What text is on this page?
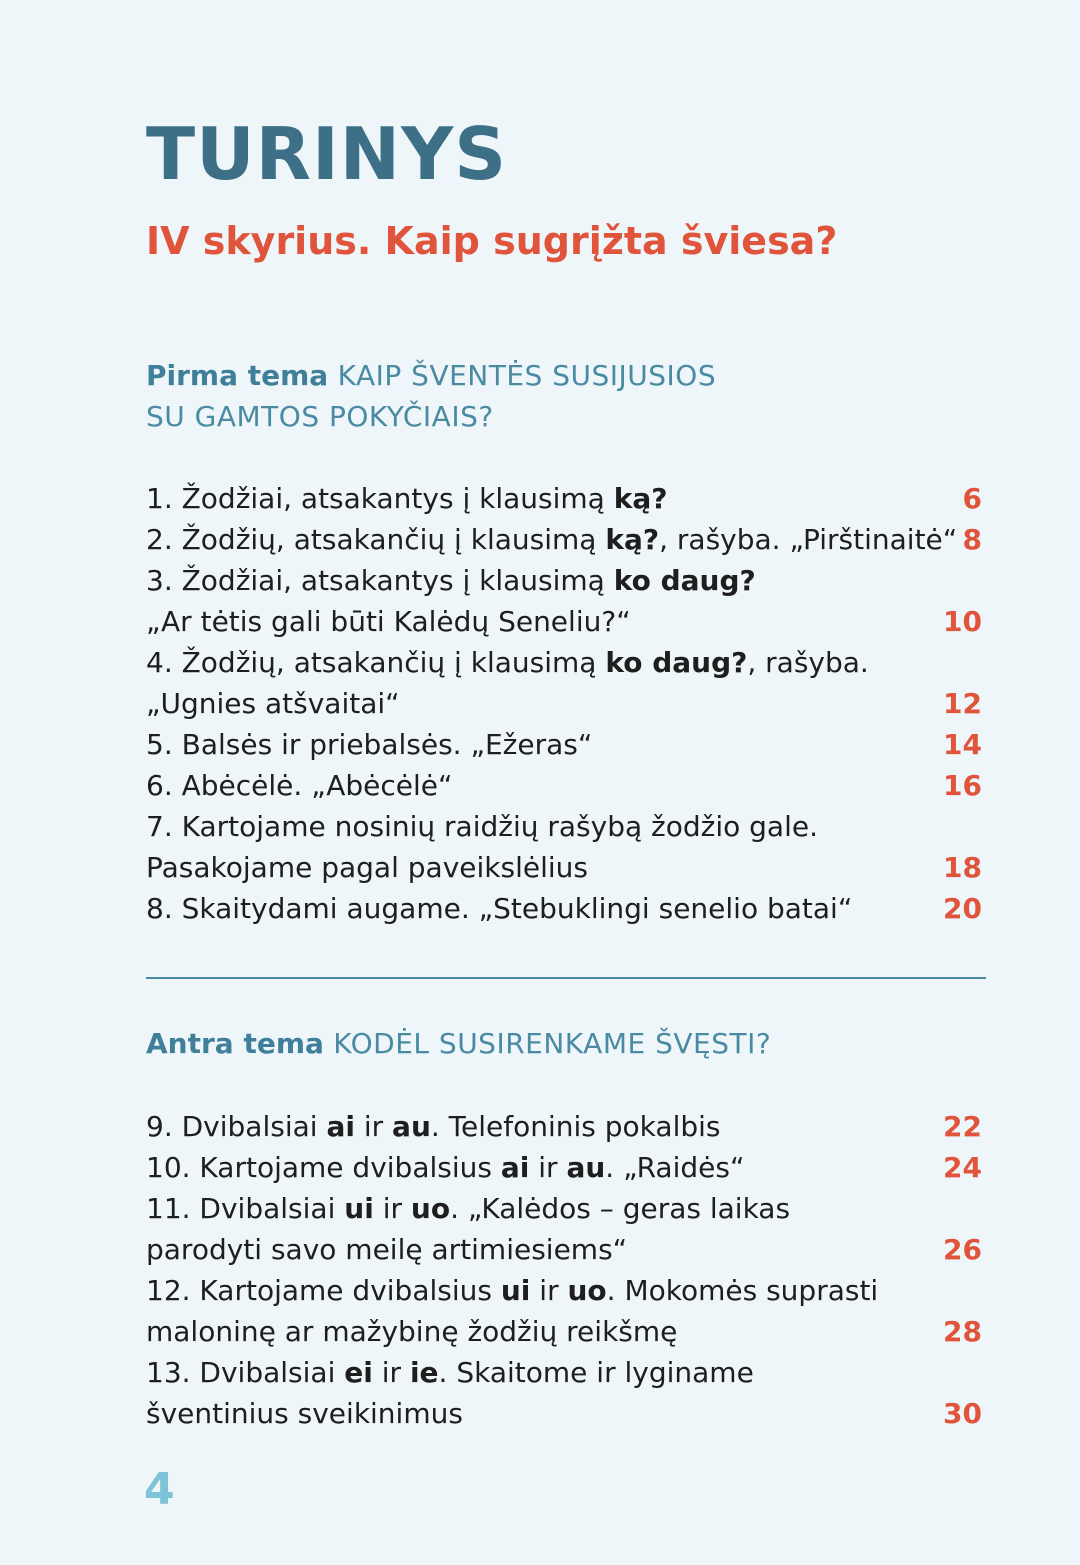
TURINYS
IV skyrius. Kaip sugrįžta šviesa?
Pirma tema KAIP ŠVENTĖS SUSIJUSIOS
SU GAMTOS POKYČIAIS?
1. Žodžiai, atsakantys į klausimą ką?	6
2. Žodžių, atsakančių į klausimą ką?, rašyba. „Pirštinaitė“ 8
3. Žodžiai, atsakantys į klausimą ko daug?
„Ar tėtis gali būti Kalėdų Seneliu?“	10
4. Žodžių, atsakančių į klausimą ko daug?, rašyba.
„Ugnies atšvaitai“	12
5. Balsės ir priebalsės. „Ežeras“	14
6. Abėcėlė. „Abėcėlė“	16
7. Kartojame nosinių raidžių rašybą žodžio gale.
Pasakojame pagal paveikslėlius	18
8. Skaitydami augame. „Stebuklingi senelio batai“	20
Antra tema KODĖL SUSIRENKAME ŠVĘSTI?
9. Dvibalsiai ai ir au. Telefoninis pokalbis	22
10. Kartojame dvibalsius ai ir au. „Raidės“	24
11. Dvibalsiai ui ir uo. „Kalėdos – geras laikas
parodyti savo meilę artimiesiems“	26
12. Kartojame dvibalsius ui ir uo. Mokomės suprasti
maloninę ar mažybinę žodžių reikšmę	28
13. Dvibalsiai ei ir ie. Skaitome ir lyginame
šventinius sveikinimus	30
4
